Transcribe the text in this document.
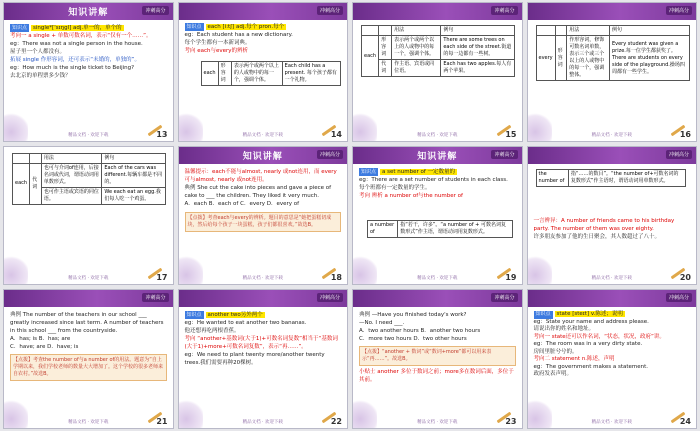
知识讲解	冲刺高分
知识点 single*['sɪŋgl] adj.单一的，单个的
考向一 a single + 单数可数名词，表示“仅有一个……”。
eg：There was not a single person in the house.
屋子里一个人都没有。
拓展 single 作形容词，还可表示“未婚的，单独的”。
eg：How much is the single ticket to Beijing?
去北京的单程票多少钱？
精品文档 · 欢迎下载	13
冲刺高分
知识点 each [i:tʃ] adj.每个 pron.每个
eg：Each student has a new dictionary.
每个学生都有一本新词典。
考向 each与every的辨析
each	形容词	表示两个或两个以上的人或物中的每一个，强调个体。	Each child has a present. 每个孩子都有一个礼物。
精品文档 · 欢迎下载	14
冲刺高分
		用法	例句
each	形容词	表示两个或两个以上的人或物中的每一个，强调个体。	There are some trees on each side of the street.街道的每一边都有一些树。
	代词	作主语、宾语或同位语。	Each has two apples.每人有两个苹果。
精品文档 · 欢迎下载	15
冲刺高分
		用法	例句
every	形容词	作形容词，修饰可数名词单数，表示三个或三个以上的人或物中的每一个，强调整体。	Every student was given a prize.每一位学生都获奖了。 There are students on every side of the playground.操场四周都有一些学生。
精品文档 · 欢迎下载	16
		用法	例句
each	代词	也可与介词of连用，后接名词或代词，谓语动词用单数形式。	Each of the cars was different.每辆车都是不同的。
		也可作主语或宾语的同位语。	We each eat an egg.我们每人吃一个鸡蛋。
精品文档 · 欢迎下载	17
知识讲解	冲刺高分
温馨提示：each不能与almost, nearly 或not连用，而 every 可与almost, nearly 或not连用。
典例 She cut the cake into pieces and gave a piece of cake to ___ the children. They liked it very much.
A．each B．each of C．every D．every of
【点拨】考查each与every的辨析。题目的意思是“她把蛋糕切成块，然后给每个孩子一块蛋糕，孩子们都很喜欢。”故选B。
精品文档 · 欢迎下载	18
知识讲解	冲刺高分
知识点 a set number of 一定数量的
eg：There are a set number of students in each class.
每个班都有一定数量的学生。
考向 辨析 a number of与the number of
a number of	指“若干，许多”。“a number of + 可数名词复数形式”作主语，谓语动词用复数形式。
精品文档 · 欢迎下载	19
冲刺高分
the number of	指“……的数目”。“the number of+可数名词的复数形式”作主语时，谓语动词用单数形式。
一言辨异：A number of friends came to his birthday party. The number of them was over eighty.
许多朋友参加了他的生日聚会，其人数超过了八十。
精品文档 · 欢迎下载	20
冲刺高分
典例 The number of the teachers in our school ___ greatly increased since last term. A number of teachers in this school ___ from the countryside.
A．has; is B．has; are
C．have; are D．have; is
【点拨】考查the number of与a number of的用法。题意为“自上学期以来，我们学校老师的数量大大增加了。这个学校的很多老师来自农村。”故选B。
精品文档 · 欢迎下载	21
冲刺高分
知识点 another two另外两个
eg：He wanted to eat another two bananas.
他还想再吃两根香蕉。
考向 “another+基数词(大于1)+可数名词复数”相当于“基数词(大于1)+more+可数名词复数”，表示“再……”。
eg：We need to plant twenty more/another twenty trees.我们需要再种20棵树。
精品文档 · 欢迎下载	22
冲刺高分
典例 —Have you finished today's work?
—No. I need ___.
A．two another hours B．another two hours
C．more two hours D．two other hours
【点拨】“another + 数词”或“数词+more”都可以用来表示“再……”。故选B。
小贴士 another 多位于数词之前；more多在数词后面，多位于其前。
精品文档 · 欢迎下载	23
冲刺高分
知识点 state [steɪt] v.陈述；说明
eg：State your name and address please.
请说出你的姓名和地址。
考向一 state还可以作名词，“状态，状况，政府”讲。
eg：The room was in a very dirty state.
房间里脏兮兮的。
考向二 statement n.陈述，声明
eg：The government makes a statement.
政府发表声明。
精品文档 · 欢迎下载	24
